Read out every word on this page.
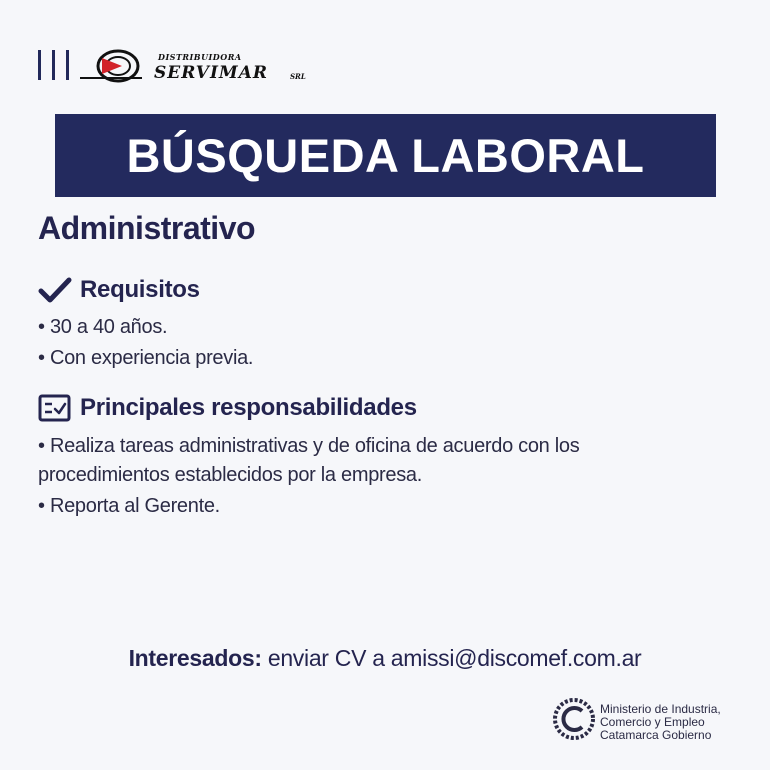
DISTRIBUIDORA
SERVIMAR	SRL
BÚSQUEDA LABORAL
Administrativo
Requisitos
• 30 a 40 años.
• Con experiencia previa.
Principales responsabilidades
• Realiza tareas administrativas y de oficina de acuerdo con los
procedimientos establecidos por la empresa.
• Reporta al Gerente.
Interesados: enviar CV a amissi@discomef.com.ar
Ministerio de Industria,
Comercio y Empleo
Catamarca Gobierno
